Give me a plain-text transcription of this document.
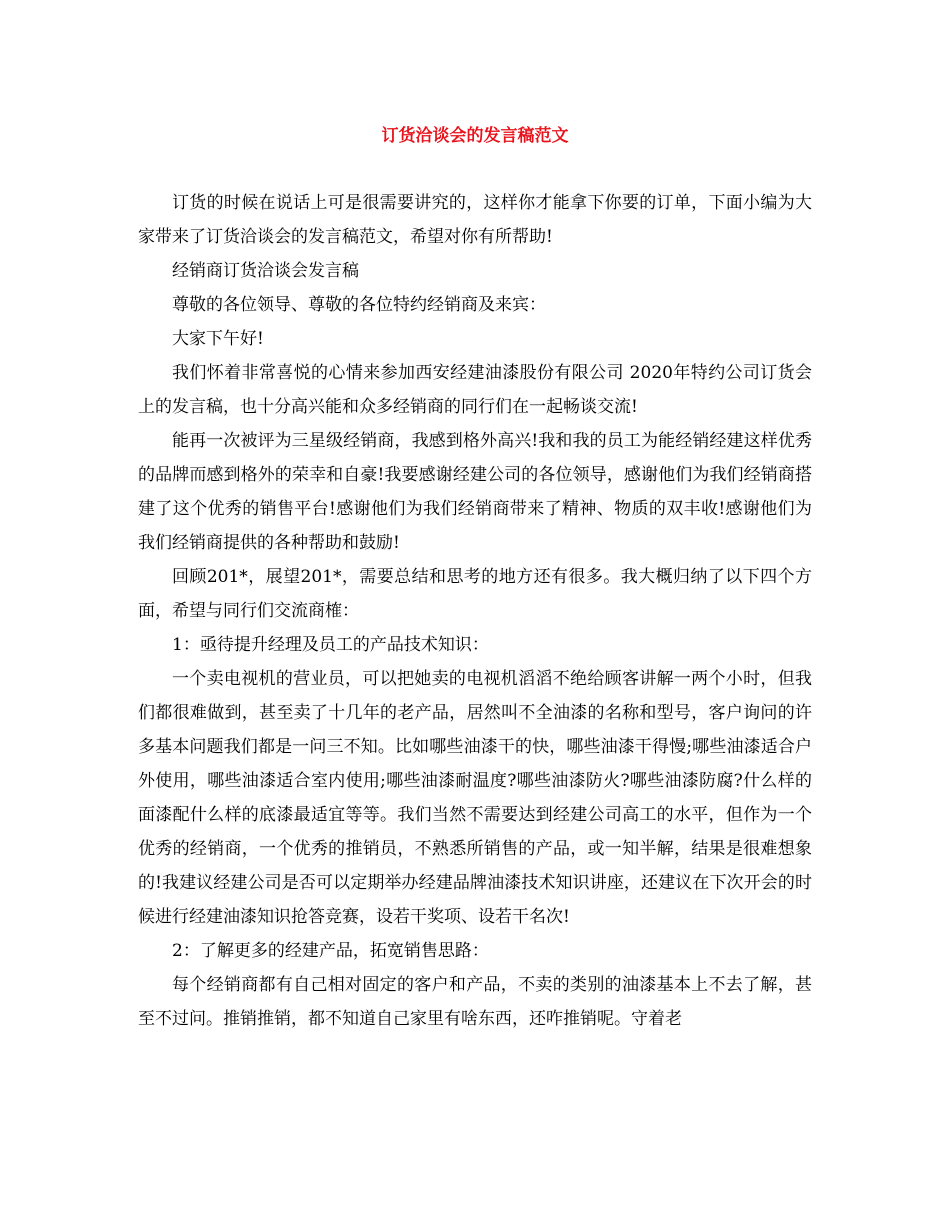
订货洽谈会的发言稿范文

订货的时候在说话上可是很需要讲究的，这样你才能拿下你要的订单，下面小编为大家带来了订货洽谈会的发言稿范文，希望对你有所帮助!

经销商订货洽谈会发言稿

尊敬的各位领导、尊敬的各位特约经销商及来宾：

大家下午好!

我们怀着非常喜悦的心情来参加西安经建油漆股份有限公司 2020年特约公司订货会上的发言稿，也十分高兴能和众多经销商的同行们在一起畅谈交流!

能再一次被评为三星级经销商，我感到格外高兴!我和我的员工为能经销经建这样优秀的品牌而感到格外的荣幸和自豪!我要感谢经建公司的各位领导，感谢他们为我们经销商搭建了这个优秀的销售平台!感谢他们为我们经销商带来了精神、物质的双丰收!感谢他们为我们经销商提供的各种帮助和鼓励!

回顾201*，展望201*，需要总结和思考的地方还有很多。我大概归纳了以下四个方面，希望与同行们交流商榷：

1：亟待提升经理及员工的产品技术知识：

一个卖电视机的营业员，可以把她卖的电视机滔滔不绝给顾客讲解一两个小时，但我们都很难做到，甚至卖了十几年的老产品，居然叫不全油漆的名称和型号，客户询问的许多基本问题我们都是一问三不知。比如哪些油漆干的快，哪些油漆干得慢;哪些油漆适合户外使用，哪些油漆适合室内使用;哪些油漆耐温度?哪些油漆防火?哪些油漆防腐?什么样的面漆配什么样的底漆最适宜等等。我们当然不需要达到经建公司高工的水平，但作为一个优秀的经销商，一个优秀的推销员，不熟悉所销售的产品，或一知半解，结果是很难想象的!我建议经建公司是否可以定期举办经建品牌油漆技术知识讲座，还建议在下次开会的时候进行经建油漆知识抢答竞赛，设若干奖项、设若干名次!

2：了解更多的经建产品，拓宽销售思路：

每个经销商都有自己相对固定的客户和产品，不卖的类别的油漆基本上不去了解，甚至不过问。推销推销，都不知道自己家里有啥东西，还咋推销呢。守着老
